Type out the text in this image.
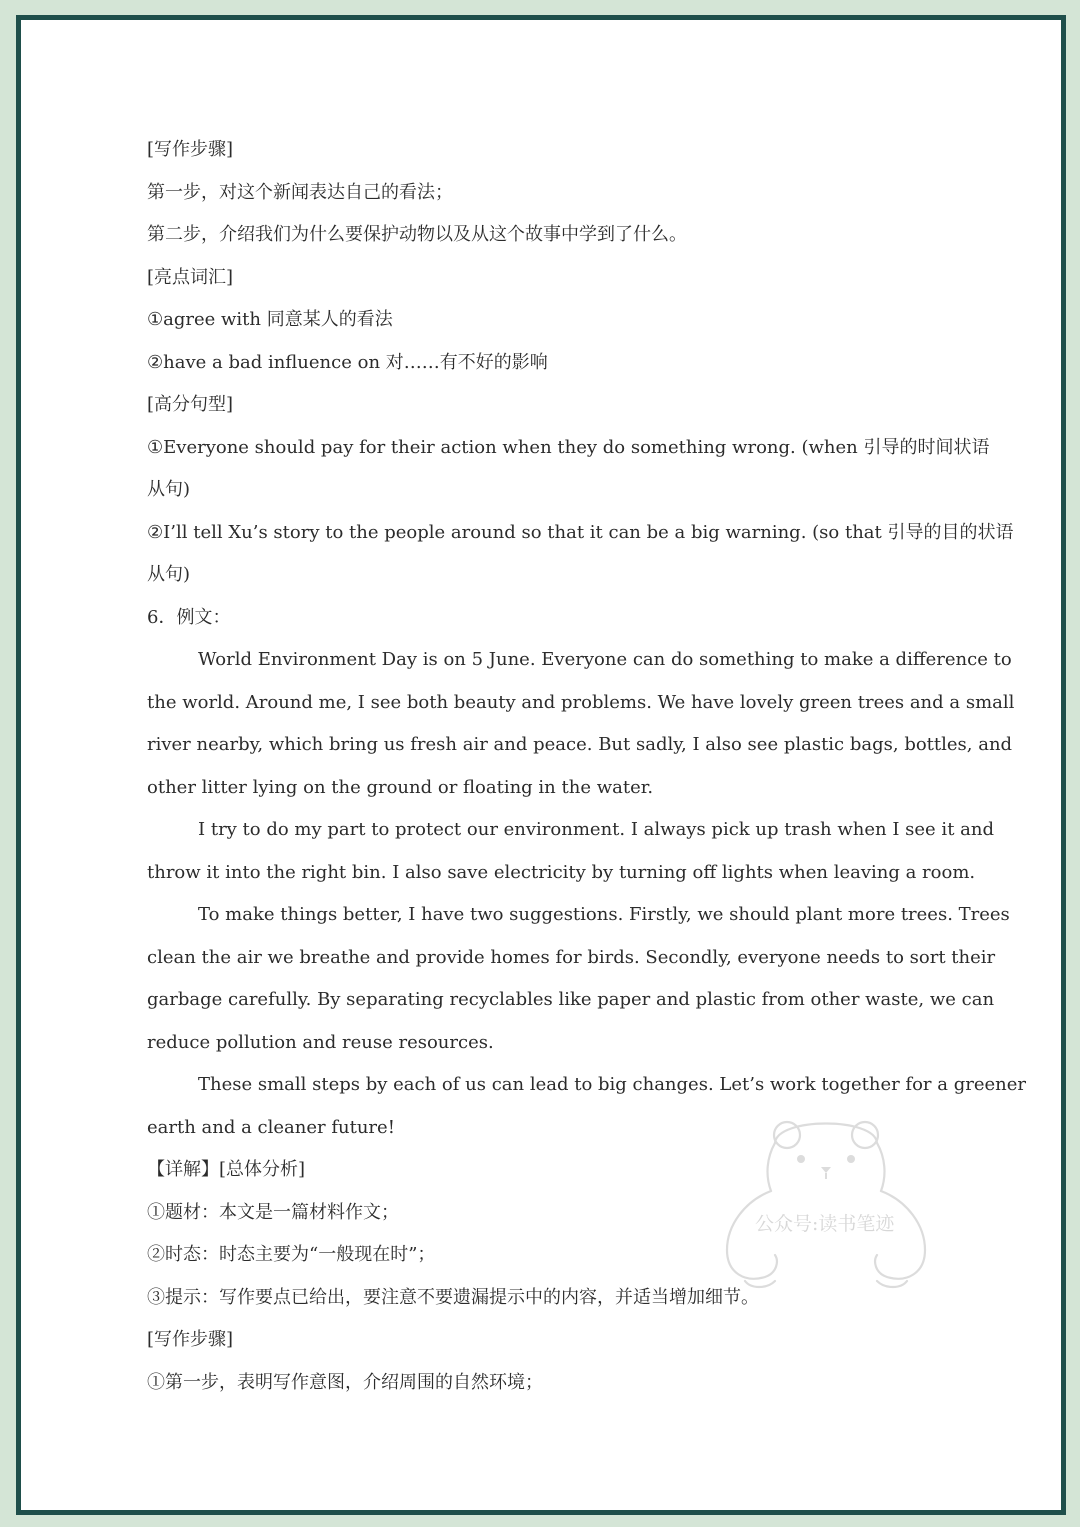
[写作步骤]
第一步，对这个新闻表达自己的看法；
第二步，介绍我们为什么要保护动物以及从这个故事中学到了什么。
[亮点词汇]
①agree with 同意某人的看法
②have a bad influence on 对……有不好的影响
[高分句型]
①Everyone should pay for their action when they do something wrong. (when 引导的时间状语
从句)
②I’ll tell Xu’s story to the people around so that it can be a big warning. (so that 引导的目的状语
从句)
6．例文：
World Environment Day is on 5 June. Everyone can do something to make a difference to
the world. Around me, I see both beauty and problems. We have lovely green trees and a small
river nearby, which bring us fresh air and peace. But sadly, I also see plastic bags, bottles, and
other litter lying on the ground or floating in the water.
I try to do my part to protect our environment. I always pick up trash when I see it and
throw it into the right bin. I also save electricity by turning off lights when leaving a room.
To make things better, I have two suggestions. Firstly, we should plant more trees. Trees
clean the air we breathe and provide homes for birds. Secondly, everyone needs to sort their
garbage carefully. By separating recyclables like paper and plastic from other waste, we can
reduce pollution and reuse resources.
These small steps by each of us can lead to big changes. Let’s work together for a greener
earth and a cleaner future!
【详解】[总体分析]
①题材：本文是一篇材料作文；
②时态：时态主要为“一般现在时”；
③提示：写作要点已给出，要注意不要遗漏提示中的内容，并适当增加细节。
[写作步骤]
①第一步，表明写作意图，介绍周围的自然环境；
公众号:读书笔迹
